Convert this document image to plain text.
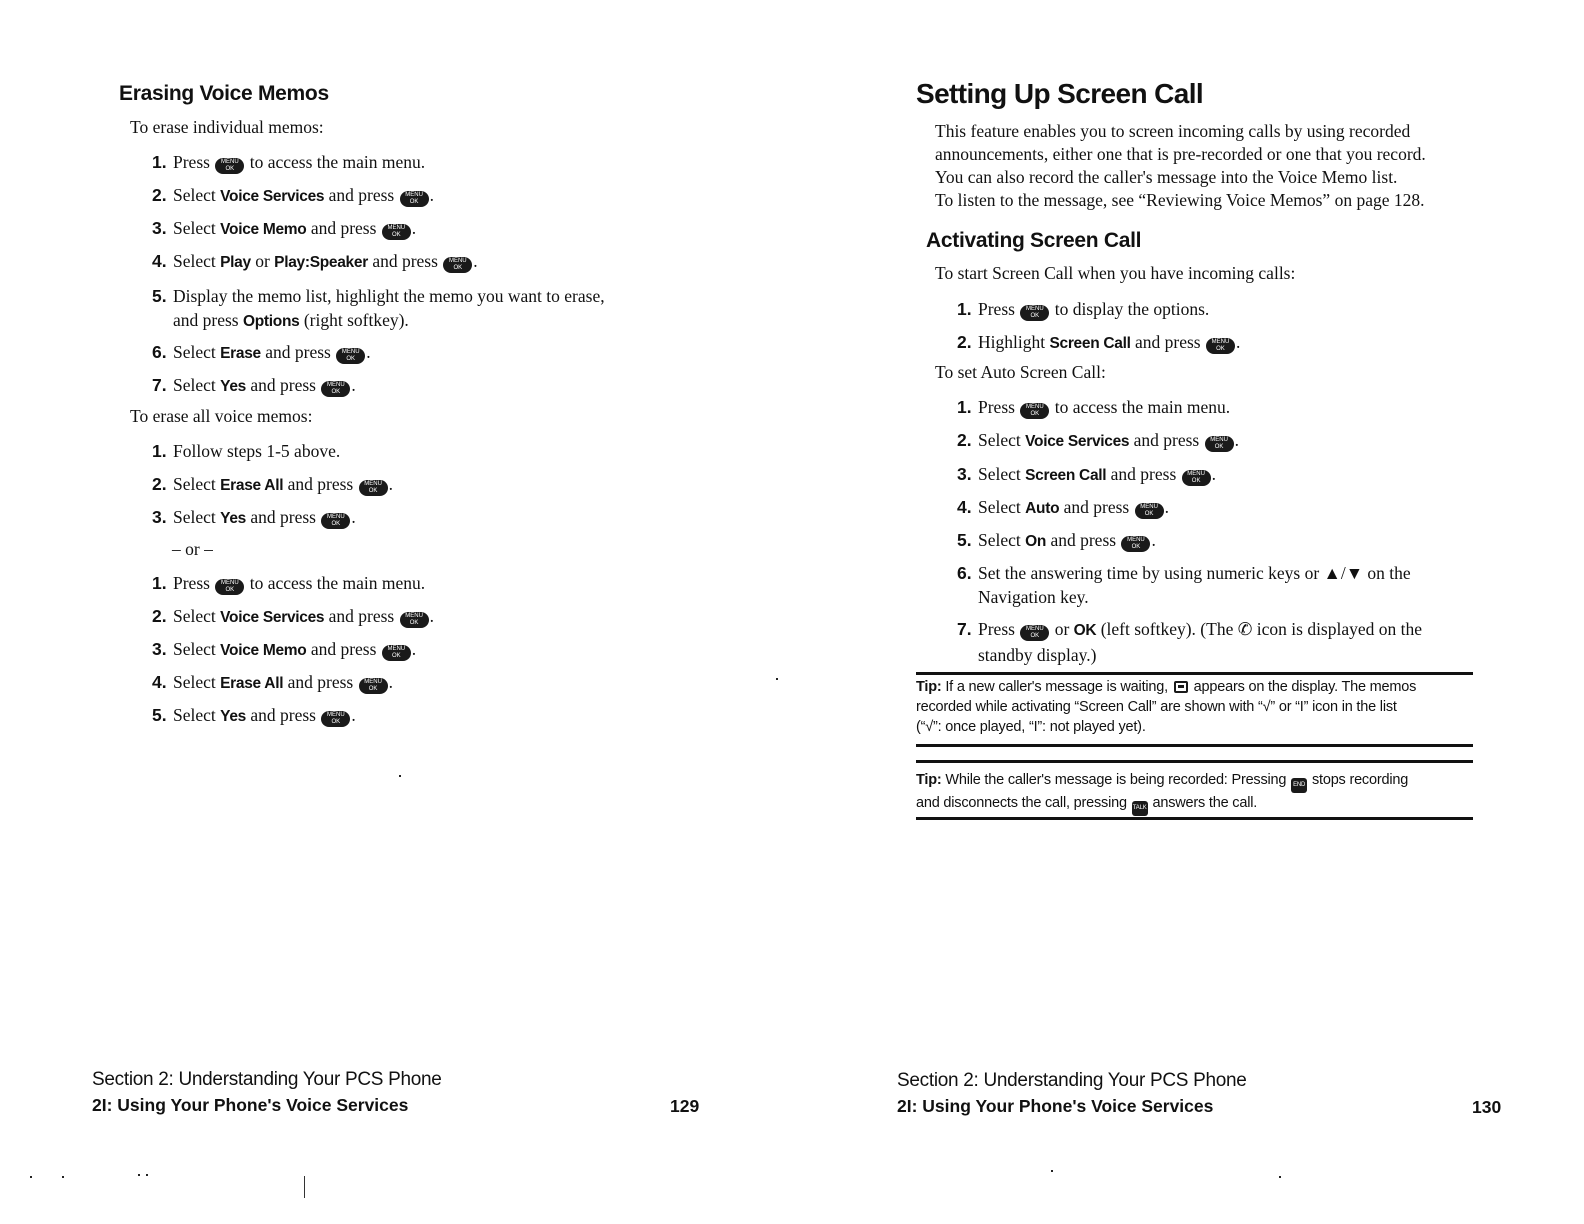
Erasing Voice Memos

To erase individual memos:

1. Press MENU
OK to access the main menu.
2. Select Voice Services and press MENU
OK .
3. Select Voice Memo and press MENU
OK .
4. Select Play or Play:Speaker and press MENU
OK .
5. Display the memo list, highlight the memo you want to erase,
and press Options (right softkey).
6. Select Erase and press MENU
OK .
7. Select Yes and press MENU
OK .

To erase all voice memos:

1. Follow steps 1-5 above.
2. Select Erase All and press MENU
OK .
3. Select Yes and press MENU
OK .
– or –
1. Press MENU
OK to access the main menu.
2. Select Voice Services and press MENU
OK .
3. Select Voice Memo and press MENU
OK .
4. Select Erase All and press MENU
OK .
5. Select Yes and press MENU
OK .

Section 2: Understanding Your PCS Phone

2I: Using Your Phone's Voice Services	129

Setting Up Screen Call
This feature enables you to screen incoming calls by using recorded
announcements, either one that is pre-recorded or one that you record.
You can also record the caller's message into the Voice Memo list.
To listen to the message, see “Reviewing Voice Memos” on page 128.
Activating Screen Call

To start Screen Call when you have incoming calls:

1. Press MENU
OK to display the options.
2. Highlight Screen Call and press MENU
OK .

To set Auto Screen Call:

1. Press MENU
OK to access the main menu.
2. Select Voice Services and press MENU
OK .
3. Select Screen Call and press MENU
OK .
4. Select Auto and press MENU
OK .
5. Select On and press MENU
OK .
6. Set the answering time by using numeric keys or ▲/▼ on the
Navigation key.
7. Press MENU
OK or OK (left softkey). (The ✆ icon is displayed on the
standby display.)
Tip: If a new caller's message is waiting,  appears on the display. The memos
recorded while activating “Screen Call” are shown with “√” or “I” icon in the list
(“√”: once played, “I”: not played yet).
Tip: While the caller's message is being recorded: Pressing END stops recording
and disconnects the call, pressing TALK answers the call.

Section 2: Understanding Your PCS Phone

2I: Using Your Phone's Voice Services	130
